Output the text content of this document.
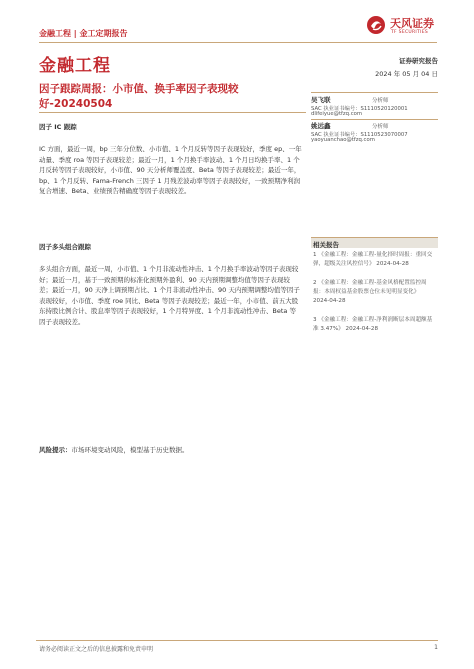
金融工程 | 金工定期报告
天风证券
TF SECURITIES
金融工程	证券研究报告
2024 年 05 月 04 日
因子跟踪周报：小市值、换手率因子表现较好-20240504
因子 IC 跟踪
IC 方面，最近一周，bp 三年分位数、小市值、1 个月反转等因子表现较好，季度 ep、一年动量、季度 roa 等因子表现较差；最近一月，1 个月换手率波动、1 个月日均换手率、1 个月反转等因子表现较好，小市值、90 天分析师覆盖度、Beta 等因子表现较差；最近一年，bp、1 个月反转、Fama-French 三因子 1 月残差波动率等因子表现较好，一致预期净利润复合增速、Beta、业绩预告精确度等因子表现较差。
因子多头组合跟踪
多头组合方面，最近一周，小市值、1 个月非流动性冲击、1 个月换手率波动等因子表现较好；最近一月，基于一致预期的标准化预期外盈利、90 天内预期调整均值等因子表现较差；最近一月，90 天净上调预期占比、1 个月非流动性冲击、90 天内预期调整均值等因子表现较好，小市值、季度 roe 同比、Beta 等因子表现较差；最近一年，小市值、前五大股东持股比例合计、股息率等因子表现较好，1 个月特异度、1 个月非流动性冲击、Beta 等因子表现较差。
风险提示：市场环境变动风险，模型基于历史数据。
吴飞联	分析师
SAC 执业证书编号：S1110520120001
dlifeiyue@tfzq.com
姚远鑫	分析师
SAC 执业证书编号：S1110523070007
yaoyuanchao@tfzq.com
相关报告
1 《金融工程：金融工程-量化择时周报：重回交弹，超级关注风控信号》 2024-04-28
2 《金融工程：金融工程-基金风格配置监控周报：本周权益基金股票仓位未见明显变化》 2024-04-28
3 《金融工程：金融工程-净利润断层本周超额基准 3.47%》 2024-04-28
请务必阅读正文之后的信息披露和免责申明	1
